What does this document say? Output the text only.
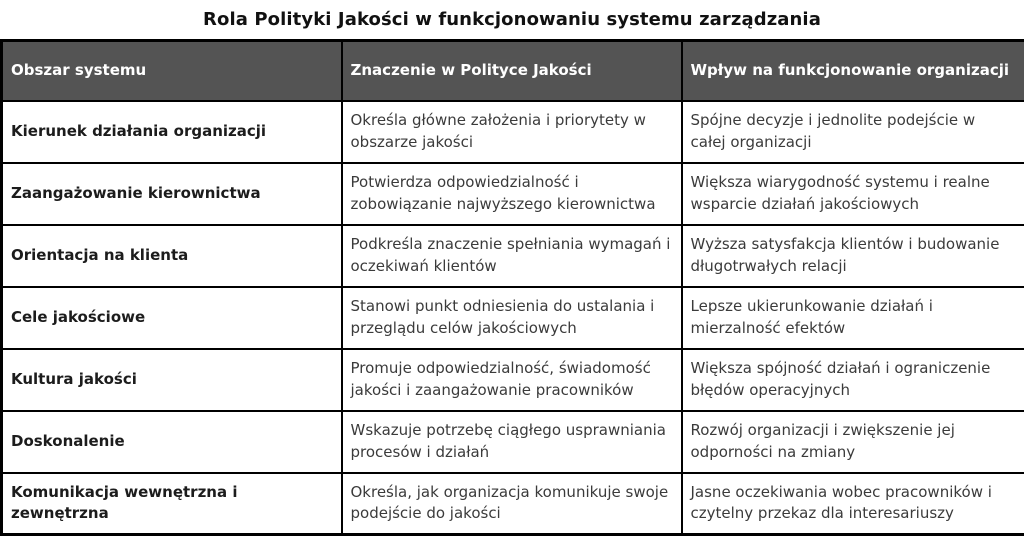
Rola Polityki Jakości w funkcjonowaniu systemu zarządzania
Obszar systemu	Znaczenie w Polityce Jakości	Wpływ na funkcjonowanie organizacji
Kierunek działania organizacji	Określa główne założenia i priorytety w obszarze jakości	Spójne decyzje i jednolite podejście w całej organizacji
Zaangażowanie kierownictwa	Potwierdza odpowiedzialność i zobowiązanie najwyższego kierownictwa	Większa wiarygodność systemu i realne wsparcie działań jakościowych
Orientacja na klienta	Podkreśla znaczenie spełniania wymagań i oczekiwań klientów	Wyższa satysfakcja klientów i budowanie długotrwałych relacji
Cele jakościowe	Stanowi punkt odniesienia do ustalania i przeglądu celów jakościowych	Lepsze ukierunkowanie działań i mierzalność efektów
Kultura jakości	Promuje odpowiedzialność, świadomość jakości i zaangażowanie pracowników	Większa spójność działań i ograniczenie błędów operacyjnych
Doskonalenie	Wskazuje potrzebę ciągłego usprawniania procesów i działań	Rozwój organizacji i zwiększenie jej odporności na zmiany
Komunikacja wewnętrzna i zewnętrzna	Określa, jak organizacja komunikuje swoje podejście do jakości	Jasne oczekiwania wobec pracowników i czytelny przekaz dla interesariuszy
